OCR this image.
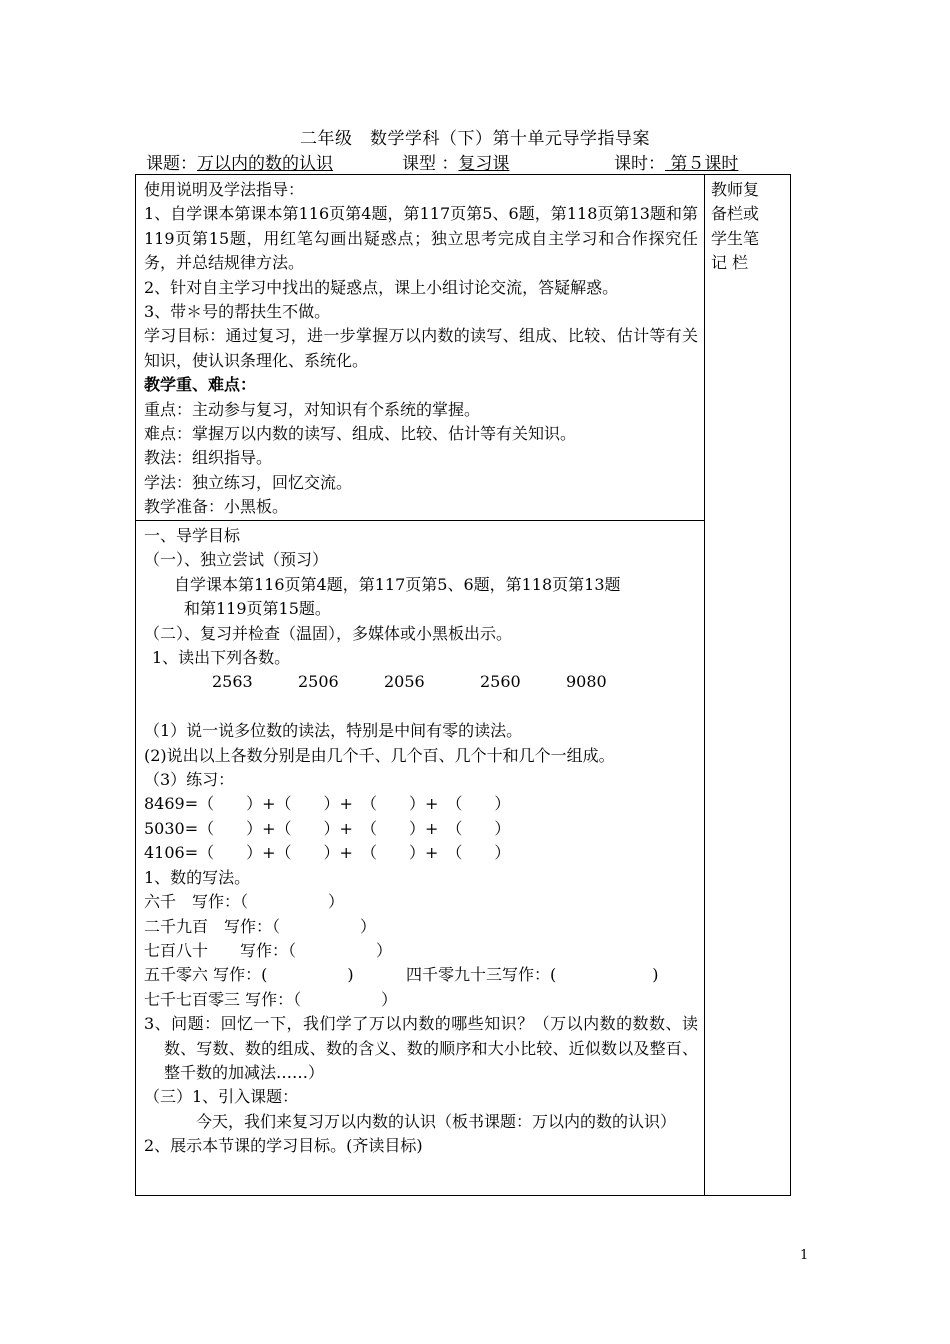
二年级　数学学科（下）第十单元导学指导案
课题：万以内的数的认识	课型 ：复习课	课时： 第５课时

使用说明及学法指导：

1、自学课本第课本第116页第4题，第117页第5、6题，第118页第13题和第119页第15题，用红笔勾画出疑惑点；独立思考完成自主学习和合作探究任务，并总结规律方法。

2、针对自主学习中找出的疑惑点，课上小组讨论交流，答疑解惑。

3、带＊号的帮扶生不做。

学习目标：通过复习，进一步掌握万以内数的读写、组成、比较、估计等有关知识，使认识条理化、系统化。

教学重、难点：

重点：主动参与复习，对知识有个系统的掌握。

难点：掌握万以内数的读写、组成、比较、估计等有关知识。

教法：组织指导。

学法：独立练习，回忆交流。

教学准备：小黑板。

教师复
备栏或
学生笔
记 栏

一、导学目标

（一）、独立尝试（预习）

自学课本第116页第4题，第117页第5、6题，第118页第13题

和第119页第15题。

（二）、复习并检查（温固），多媒体或小黑板出示。

1、读出下列各数。

2563	2506	2056	2560	9080

（1）说一说多位数的读法，特别是中间有零的读法。

(2)说出以上各数分别是由几个千、几个百、几个十和几个一组成。

（3）练习：

8469=（　　）+（　　）+　（　　）+　（　　）

5030=（　　）+（　　）+　（　　）+　（　　）

4106=（　　）+（　　）+　（　　）+　（　　）

1、数的写法。

六千　写作：（　　　　　）

二千九百　写作：（　　　　　）

七百八十　　写作：（　　　　　）

五千零六 写作：(　　　　　)	四千零九十三写作：(　　　　　　)

七千七百零三 写作：（　　　　　）

3、问题：回忆一下，我们学了万以内数的哪些知识？（万以内数的数数、读数、写数、数的组成、数的含义、数的顺序和大小比较、近似数以及整百、整千数的加减法……）

（三）1、引入课题：

今天，我们来复习万以内数的认识（板书课题：万以内的数的认识）

2、展示本节课的学习目标。(齐读目标)

1
